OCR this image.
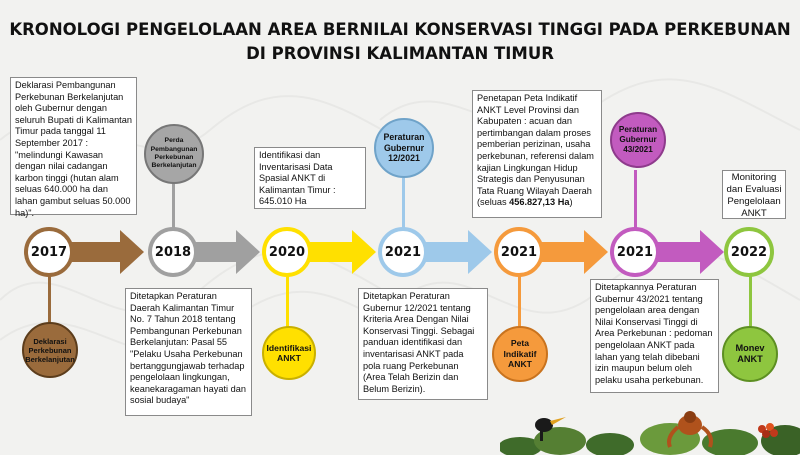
KRONOLOGI PENGELOLAAN AREA BERNILAI KONSERVASI TINGGI PADA PERKEBUNAN
DI PROVINSI KALIMANTAN TIMUR
2017	2018	2020	2021	2021	2021	2022
Deklarasi
Perkebunan
Berkelanjutan
Perda
Pembangunan
Perkebunan
Berkelanjutan
Identifikasi
ANKT
Peraturan
Gubernur
12/2021
Peta
Indikatif
ANKT
Peraturan
Gubernur
43/2021
Monev
ANKT
Deklarasi Pembangunan Perkebunan Berkelanjutan oleh Gubernur dengan seluruh Bupati di Kalimantan Timur pada tanggal 11 September 2017 : "melindungi Kawasan dengan nilai cadangan karbon tinggi (hutan alam seluas 640.000 ha dan lahan gambut seluas 50.000 ha)".
Ditetapkan Peraturan Daerah Kalimantan Timur No. 7 Tahun 2018 tentang Pembangunan Perkebunan Berkelanjutan: Pasal 55 "Pelaku Usaha Perkebunan bertanggungjawab terhadap pengelolaan lingkungan, keanekaragaman hayati dan sosial budaya"
Identifikasi dan Inventarisasi Data Spasial ANKT di Kalimantan Timur : 645.010 Ha
Ditetapkan Peraturan Gubernur 12/2021 tentang Kriteria Area Dengan Nilai Konservasi Tinggi. Sebagai panduan identifikasi dan inventarisasi ANKT pada pola ruang Perkebunan (Area Telah Berizin dan Belum Berizin).
Penetapan Peta Indikatif ANKT Level Provinsi dan Kabupaten : acuan dan pertimbangan dalam proses pemberian perizinan, usaha perkebunan, referensi dalam kajian Lingkungan Hidup Strategis dan Penyusunan Tata Ruang Wilayah Daerah (seluas 456.827,13 Ha)
Ditetapkannya Peraturan Gubernur 43/2021 tentang pengelolaan area dengan Nilai Konservasi Tinggi di Area Perkebunan : pedoman pengelolaan ANKT pada lahan yang telah dibebani izin maupun belum oleh pelaku usaha perkebunan.
Monitoring dan Evaluasi Pengelolaan ANKT
